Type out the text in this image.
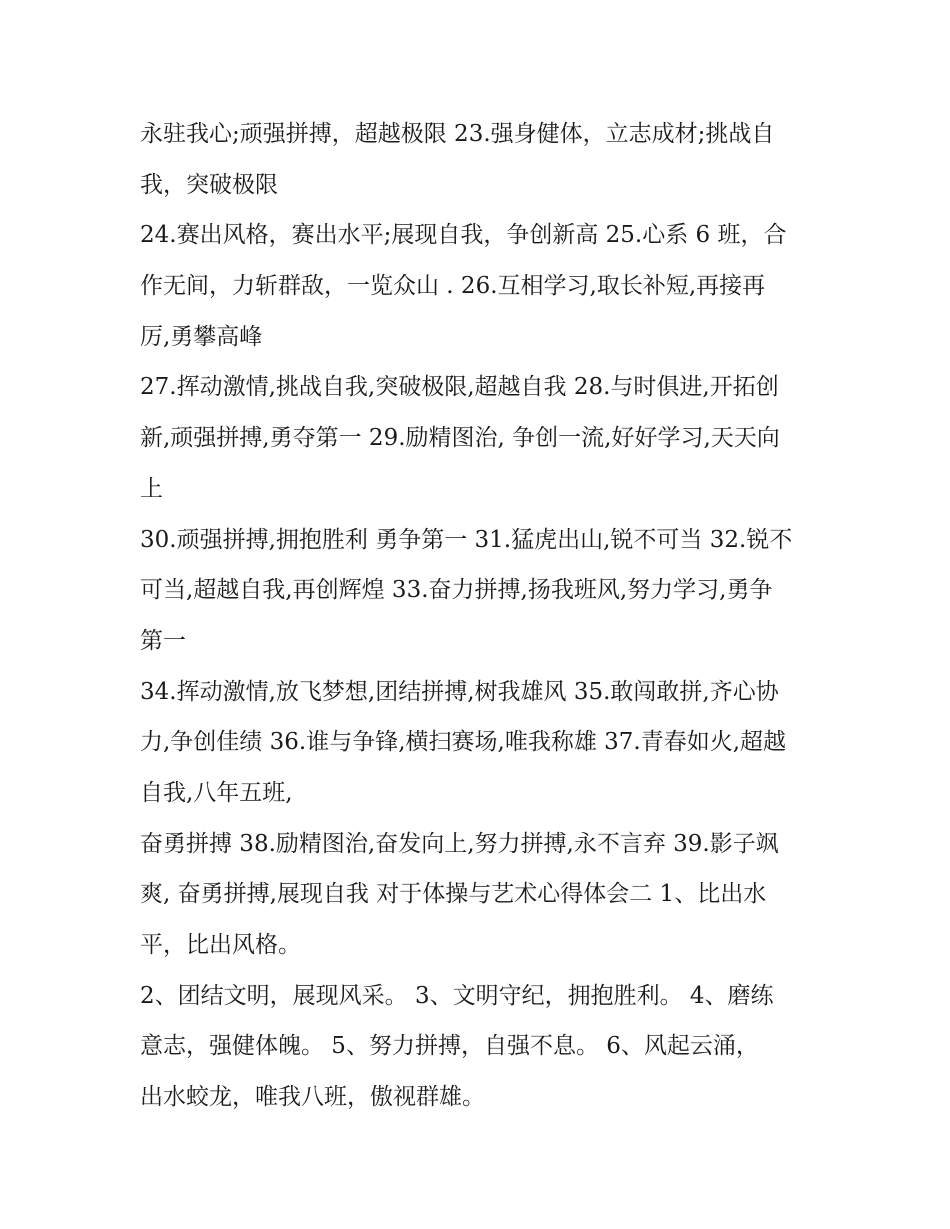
永驻我心;顽强拼搏，超越极限 23.强身健体，立志成材;挑战自
我，突破极限

24.赛出风格，赛出水平;展现自我，争创新高 25.心系 6 班，合
作无间，力斩群敌，一览众山 . 26.互相学习,取长补短,再接再
厉,勇攀高峰

27.挥动激情,挑战自我,突破极限,超越自我 28.与时俱进,开拓创
新,顽强拼搏,勇夺第一 29.励精图治, 争创一流,好好学习,天天向
上

30.顽强拼搏,拥抱胜利 勇争第一 31.猛虎出山,锐不可当 32.锐不
可当,超越自我,再创辉煌 33.奋力拼搏,扬我班风,努力学习,勇争
第一

34.挥动激情,放飞梦想,团结拼搏,树我雄风 35.敢闯敢拼,齐心协
力,争创佳绩 36.谁与争锋,横扫赛场,唯我称雄 37.青春如火,超越
自我,八年五班,

奋勇拼搏 38.励精图治,奋发向上,努力拼搏,永不言弃 39.影子飒
爽, 奋勇拼搏,展现自我 对于体操与艺术心得体会二 1、比出水
平，比出风格。

2、团结文明，展现风采。 3、文明守纪，拥抱胜利。 4、磨练
意志，强健体魄。 5、努力拼搏，自强不息。 6、风起云涌，
出水蛟龙，唯我八班，傲视群雄。
